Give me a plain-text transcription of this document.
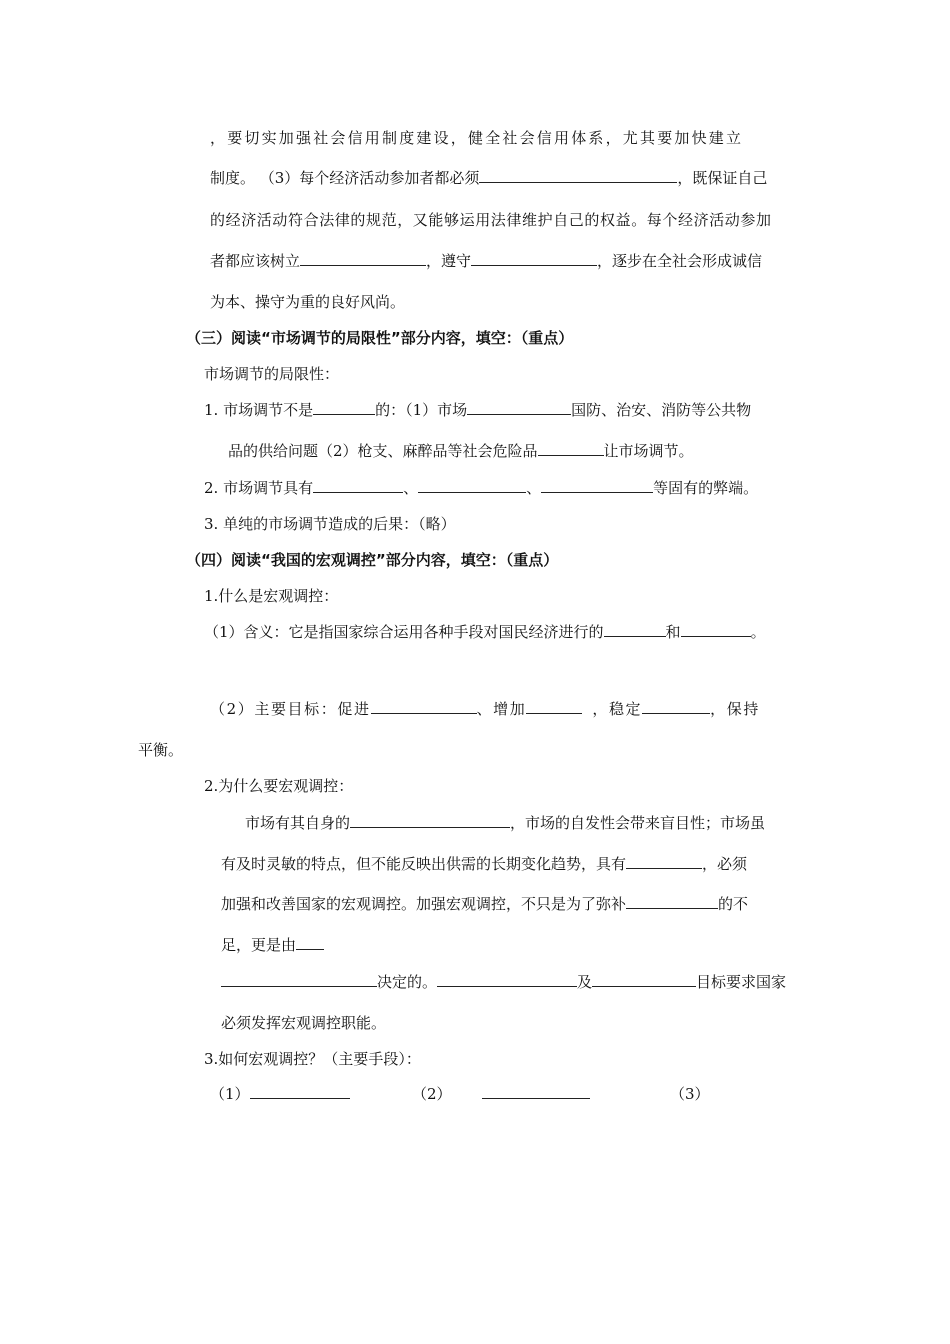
，要切实加强社会信用制度建设，健全社会信用体系，尤其要加快建立
制度。 （3）每个经济活动参加者都必须	，既保证自己
的经济活动符合法律的规范，又能够运用法律维护自己的权益。每个经济活动参加
者都应该树立	，遵守	，逐步在全社会形成诚信
为本、操守为重的良好风尚。
（三）阅读“市场调节的局限性”部分内容，填空：（重点）
市场调节的局限性：
1. 市场调节不是	的：（1）市场	国防、治安、消防等公共物
品的供给问题（2）枪支、麻醉品等社会危险品	让市场调节。
2. 市场调节具有	、	、	等固有的弊端。
3. 单纯的市场调节造成的后果：（略）
（四）阅读“我国的宏观调控”部分内容，填空：（重点）
1.什么是宏观调控：
（1）含义：它是指国家综合运用各种手段对国民经济进行的	和	。
（2）主要目标：促进	、增加	，稳定	，保持
平衡。
2.为什么要宏观调控：
市场有其自身的	，市场的自发性会带来盲目性；市场虽
有及时灵敏的特点，但不能反映出供需的长期变化趋势，具有	，必须
加强和改善国家的宏观调控。加强宏观调控，不只是为了弥补	的不
足，更是由
决定的。	及	目标要求国家
必须发挥宏观调控职能。
3.如何宏观调控？（主要手段）：
（1）	（2）	（3）
